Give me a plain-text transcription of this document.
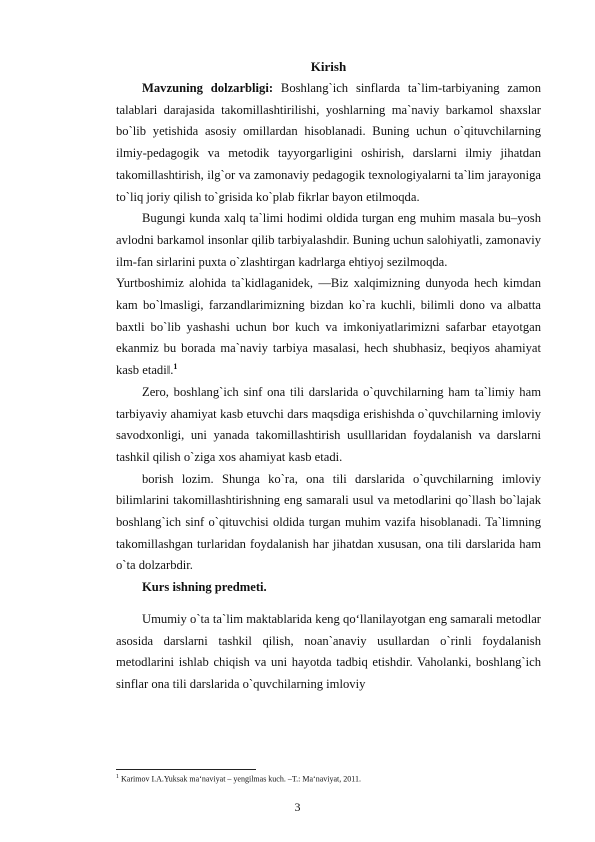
Kirish

Mavzuning dolzarbligi: Boshlang`ich sinflarda ta`lim-tarbiyaning zamon talablari darajasida takomillashtirilishi, yoshlarning ma`naviy barkamol shaxslar bo`lib yetishida asosiy omillardan hisoblanadi. Buning uchun o`qituvchilarning ilmiy-pedagogik va metodik tayyorgarligini oshirish, darslarni ilmiy jihatdan takomillashtirish, ilg`or va zamonaviy pedagogik texnologiyalarni ta`lim jarayoniga to`liq joriy qilish to`grisida ko`plab fikrlar bayon etilmoqda.

Bugungi kunda xalq ta`limi hodimi oldida turgan eng muhim masala bu–yosh avlodni barkamol insonlar qilib tarbiyalashdir. Buning uchun salohiyatli, zamonaviy ilm-fan sirlarini puxta o`zlashtirgan kadrlarga ehtiyoj sezilmoqda.

Yurtboshimiz alohida ta`kidlaganidek, ―Biz xalqimizning dunyoda hech kimdan kam bo`lmasligi, farzandlarimizning bizdan ko`ra kuchli, bilimli dono va albatta baxtli bo`lib yashashi uchun bor kuch va imkoniyatlarimizni safarbar etayotgan ekanmiz bu borada ma`naviy tarbiya masalasi, hech shubhasiz, beqiyos ahamiyat kasb etadi‖.$^1$

Zero, boshlang`ich sinf ona tili darslarida o`quvchilarning ham ta`limiy ham tarbiyaviy ahamiyat kasb etuvchi dars maqsdiga erishishda o`quvchilarning imloviy savodxonligi, uni yanada takomillashtirish usulllaridan foydalanish va darslarni tashkil qilish o`ziga xos ahamiyat kasb etadi.

borish lozim. Shunga ko`ra, ona tili darslarida o`quvchilarning imloviy bilimlarini takomillashtirishning eng samarali usul va metodlarini qo`llash bo`lajak boshlang`ich sinf o`qituvchisi oldida turgan muhim vazifa hisoblanadi. Ta`limning takomillashgan turlaridan foydalanish har jihatdan xususan, ona tili darslarida ham o`ta dolzarbdir.

Kurs ishning predmeti.

Umumiy o`ta ta`lim maktablarida keng qo‘llanilayotgan eng samarali metodlar asosida darslarni tashkil qilish, noan`anaviy usullardan o`rinli foydalanish metodlarini ishlab chiqish va uni hayotda tadbiq etishdir. Vaholanki, boshlang`ich sinflar ona tili darslarida o`quvchilarning imloviy

$^1$ Karimov I.A.Yuksak ma‘naviyat – yengilmas kuch. –T.: Ma‘naviyat, 2011.
3
